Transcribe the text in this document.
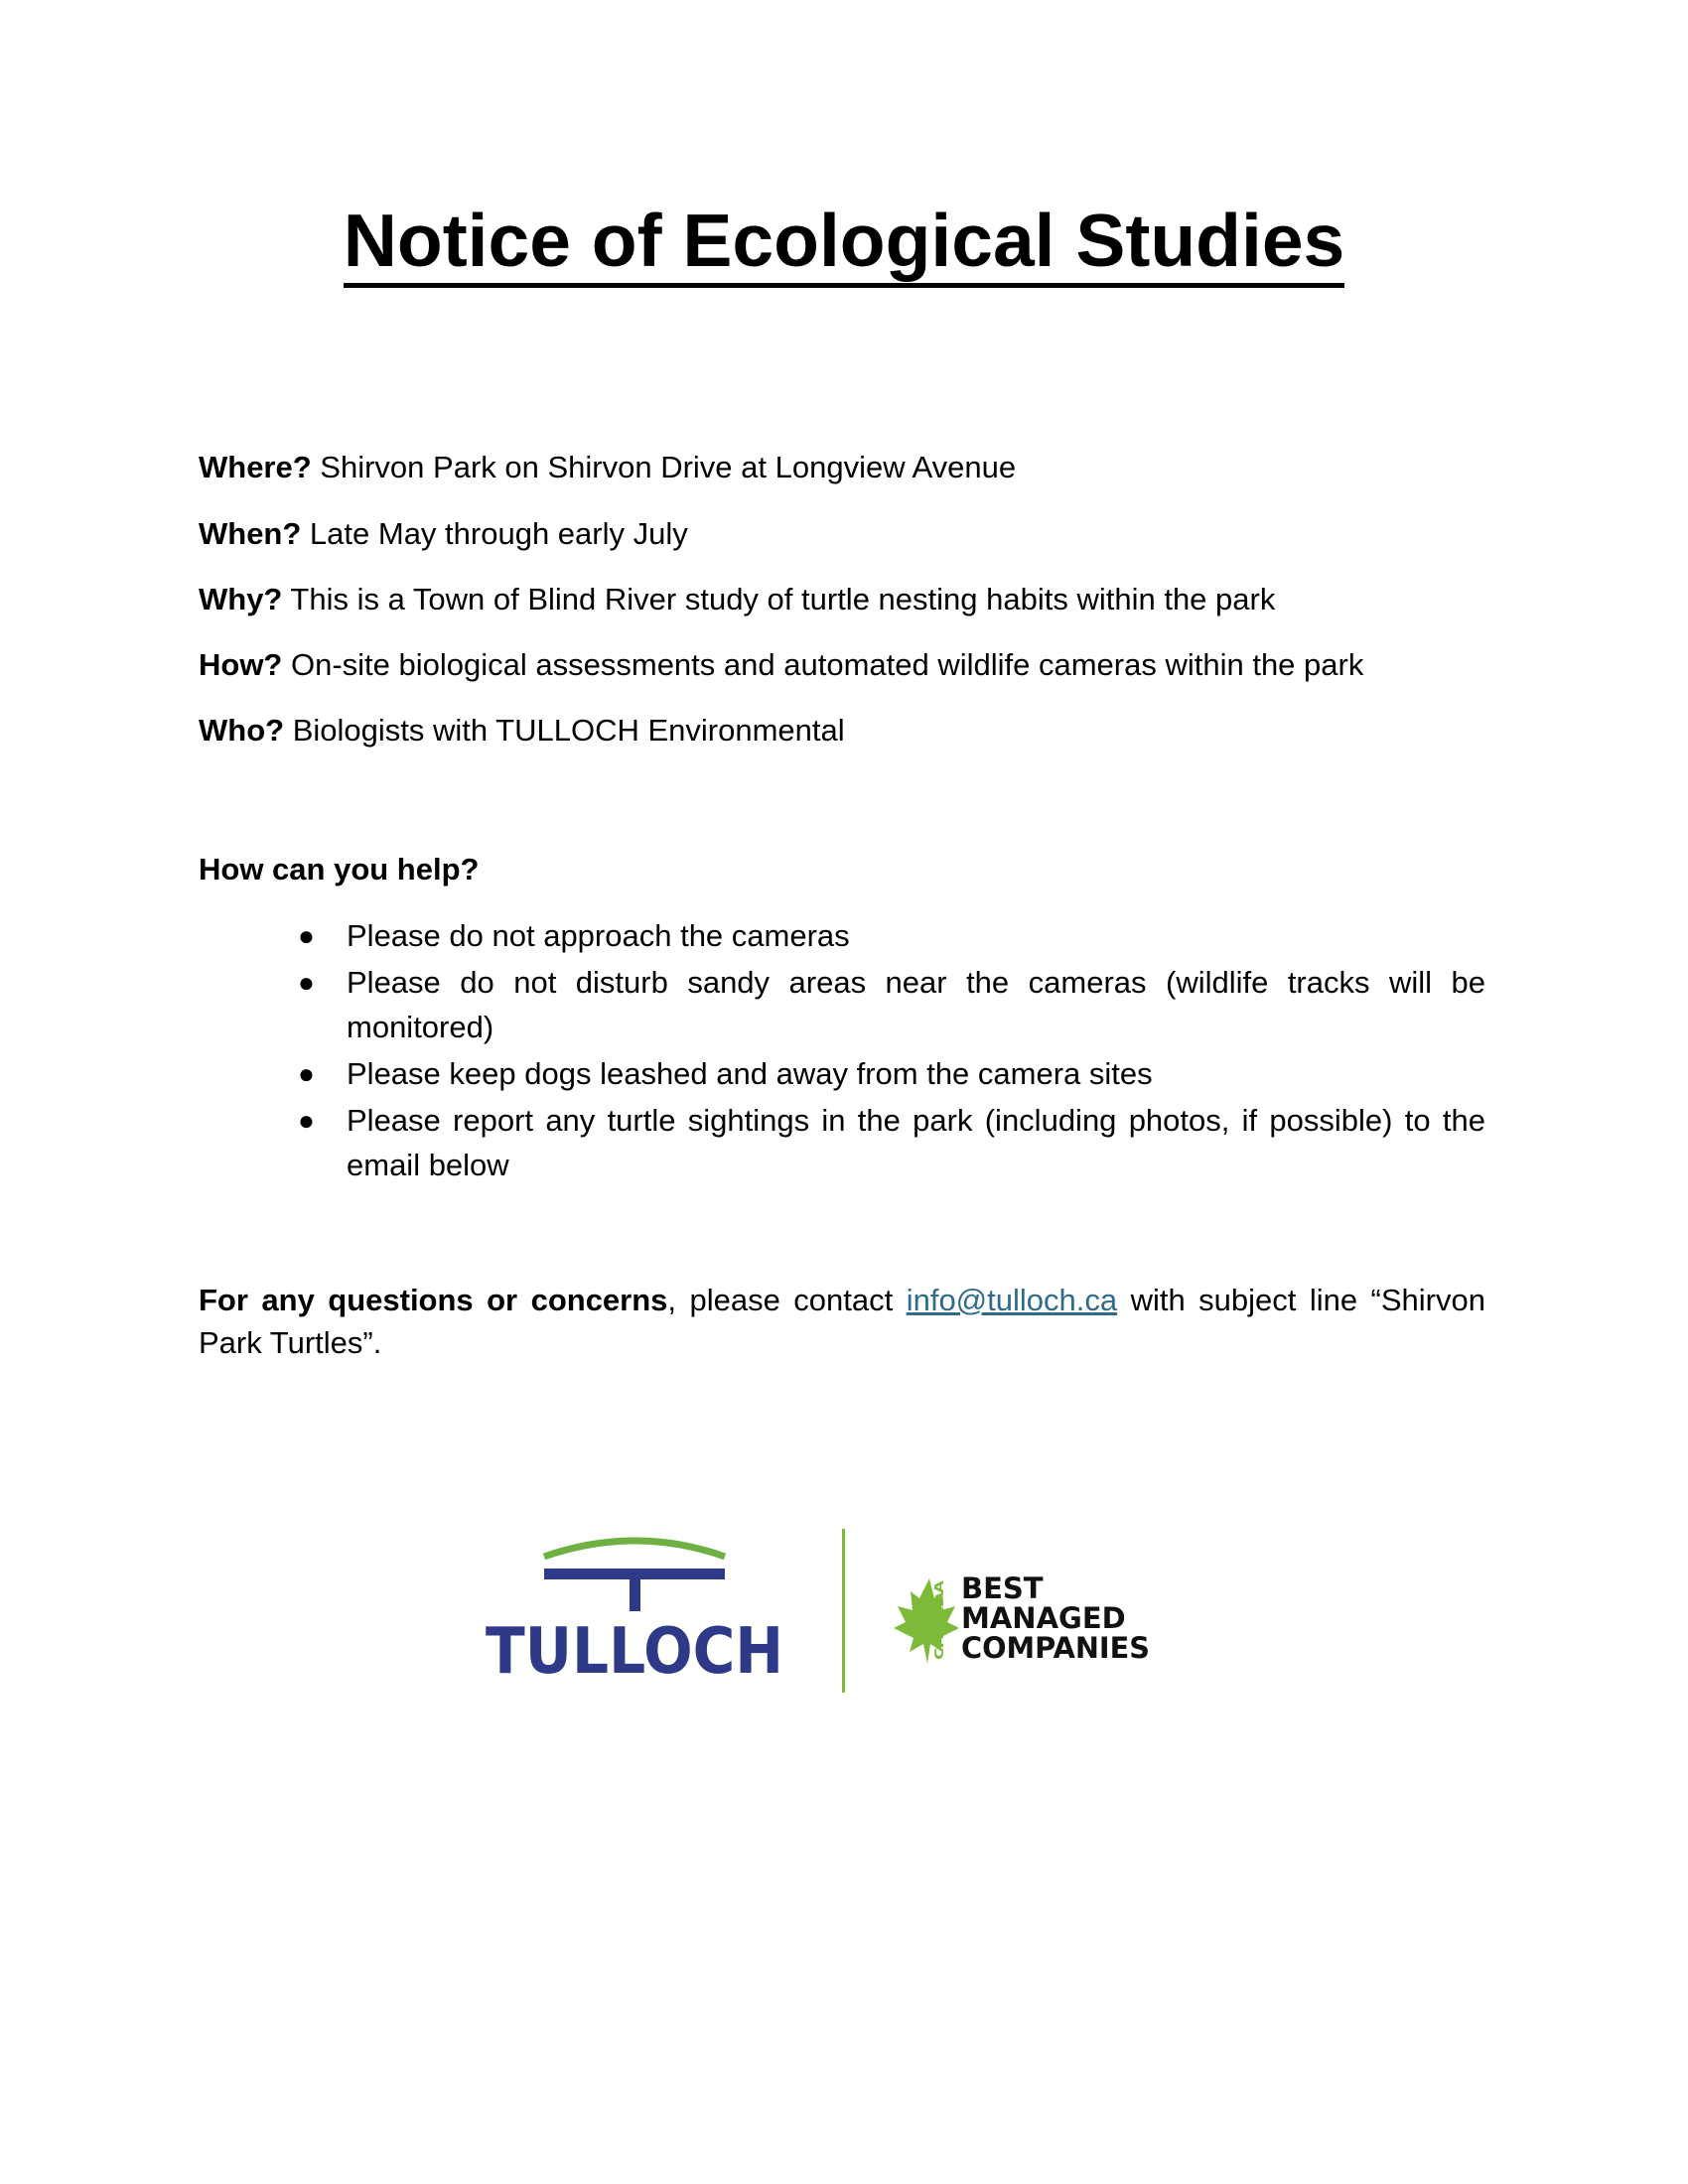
Notice of Ecological Studies
Where? Shirvon Park on Shirvon Drive at Longview Avenue
When? Late May through early July
Why? This is a Town of Blind River study of turtle nesting habits within the park
How? On-site biological assessments and automated wildlife cameras within the park
Who? Biologists with TULLOCH Environmental
How can you help?
● Please do not approach the cameras
● Please do not disturb sandy areas near the cameras (wildlife tracks will be monitored)
● Please keep dogs leashed and away from the camera sites
● Please report any turtle sightings in the park (including photos, if possible) to the email below

For any questions or concerns, please contact info@tulloch.ca with subject line “Shirvon Park Turtles”.

TULLOCH	CANADA
BEST
MANAGED
COMPANIES
